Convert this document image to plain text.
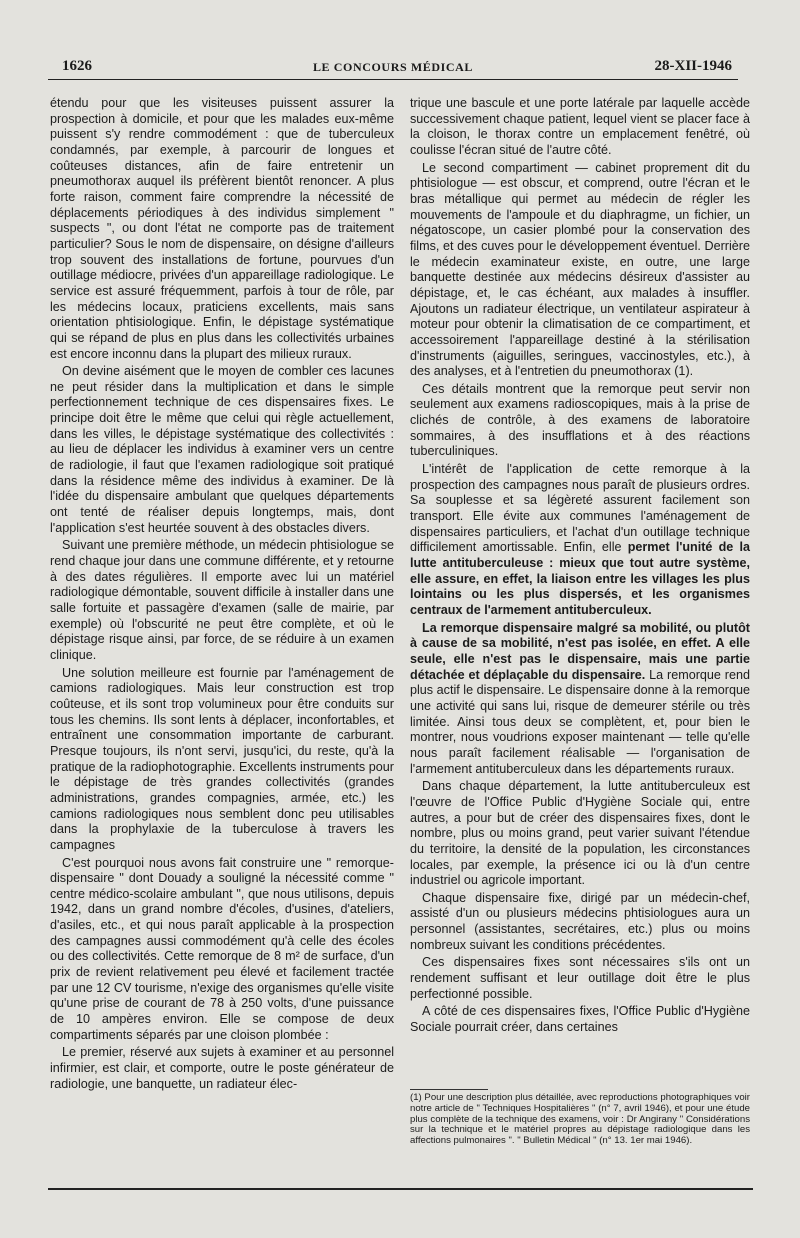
1626	LE CONCOURS MÉDICAL	28-XII-1946

étendu pour que les visiteuses puissent assurer la prospection à domicile, et pour que les malades eux-même puissent s'y rendre commodément : que de tuberculeux condamnés, par exemple, à parcourir de longues et coûteuses distances, afin de faire entretenir un pneumothorax auquel ils préfèrent bientôt renoncer. A plus forte raison, comment faire comprendre la nécessité de déplacements périodiques à des individus simplement " suspects ", ou dont l'état ne comporte pas de traitement particulier? Sous le nom de dispensaire, on désigne d'ailleurs trop souvent des installations de fortune, pourvues d'un outillage médiocre, privées d'un appareillage radiologique. Le service est assuré fréquemment, parfois à tour de rôle, par les médecins locaux, praticiens excellents, mais sans orientation phtisiologique. Enfin, le dépistage systématique qui se répand de plus en plus dans les collectivités urbaines est encore inconnu dans la plupart des milieux ruraux.

On devine aisément que le moyen de combler ces lacunes ne peut résider dans la multiplication et dans le simple perfectionnement technique de ces dispensaires fixes. Le principe doit être le même que celui qui règle actuellement, dans les villes, le dépistage systématique des collectivités : au lieu de déplacer les individus à examiner vers un centre de radiologie, il faut que l'examen radiologique soit pratiqué dans la résidence même des individus à examiner. De là l'idée du dispensaire ambulant que quelques départements ont tenté de réaliser depuis longtemps, mais, dont l'application s'est heurtée souvent à des obstacles divers.

Suivant une première méthode, un médecin phtisiologue se rend chaque jour dans une commune différente, et y retourne à des dates régulières. Il emporte avec lui un matériel radiologique démontable, souvent difficile à installer dans une salle fortuite et passagère d'examen (salle de mairie, par exemple) où l'obscurité ne peut être complète, et où le dépistage risque ainsi, par force, de se réduire à un examen clinique.

Une solution meilleure est fournie par l'aménagement de camions radiologiques. Mais leur construction est trop coûteuse, et ils sont trop volumineux pour être conduits sur tous les chemins. Ils sont lents à déplacer, inconfortables, et entraînent une consommation importante de carburant. Presque toujours, ils n'ont servi, jusqu'ici, du reste, qu'à la pratique de la radiophotographie. Excellents instruments pour le dépistage de très grandes collectivités (grandes administrations, grandes compagnies, armée, etc.) les camions radiologiques nous semblent donc peu utilisables dans la prophylaxie de la tuberculose à travers les campagnes

C'est pourquoi nous avons fait construire une " remorque-dispensaire " dont Douady a souligné la nécessité comme " centre médico-scolaire ambulant ", que nous utilisons, depuis 1942, dans un grand nombre d'écoles, d'usines, d'ateliers, d'asiles, etc., et qui nous paraît applicable à la prospection des campagnes aussi commodément qu'à celle des écoles ou des collectivités. Cette remorque de 8 m² de surface, d'un prix de revient relativement peu élevé et facilement tractée par une 12 CV tourisme, n'exige des organismes qu'elle visite qu'une prise de courant de 78 à 250 volts, d'une puissance de 10 ampères environ. Elle se compose de deux compartiments séparés par une cloison plombée :

Le premier, réservé aux sujets à examiner et au personnel infirmier, est clair, et comporte, outre le poste générateur de radiologie, une banquette, un radiateur élec-

trique une bascule et une porte latérale par laquelle accède successivement chaque patient, lequel vient se placer face à la cloison, le thorax contre un emplacement fenêtré, où coulisse l'écran situé de l'autre côté.

Le second compartiment — cabinet proprement dit du phtisiologue — est obscur, et comprend, outre l'écran et le bras métallique qui permet au médecin de régler les mouvements de l'ampoule et du diaphragme, un fichier, un négatoscope, un casier plombé pour la conservation des films, et des cuves pour le développement éventuel. Derrière le médecin examinateur existe, en outre, une large banquette destinée aux médecins désireux d'assister au dépistage, et, le cas échéant, aux malades à insuffler. Ajoutons un radiateur électrique, un ventilateur aspirateur à moteur pour obtenir la climatisation de ce compartiment, et accessoirement l'appareillage destiné à la stérilisation d'instruments (aiguilles, seringues, vaccinostyles, etc.), à des analyses, et à l'entretien du pneumothorax (1).

Ces détails montrent que la remorque peut servir non seulement aux examens radioscopiques, mais à la prise de clichés de contrôle, à des examens de laboratoire sommaires, à des insufflations et à des réactions tuberculiniques.

L'intérêt de l'application de cette remorque à la prospection des campagnes nous paraît de plusieurs ordres. Sa souplesse et sa légèreté assurent facilement son transport. Elle évite aux communes l'aménagement de dispensaires particuliers, et l'achat d'un outillage technique difficilement amortissable. Enfin, elle permet l'unité de la lutte antituberculeuse : mieux que tout autre système, elle assure, en effet, la liaison entre les villages les plus lointains ou les plus dispersés, et les organismes centraux de l'armement antituberculeux.

La remorque dispensaire malgré sa mobilité, ou plutôt à cause de sa mobilité, n'est pas isolée, en effet. A elle seule, elle n'est pas le dispensaire, mais une partie détachée et déplaçable du dispensaire. La remorque rend plus actif le dispensaire. Le dispensaire donne à la remorque une activité qui sans lui, risque de demeurer stérile ou très limitée. Ainsi tous deux se complètent, et, pour bien le montrer, nous voudrions exposer maintenant — telle qu'elle nous paraît facilement réalisable — l'organisation de l'armement antituberculeux dans les départements ruraux.

Dans chaque département, la lutte antituberculeux est l'œuvre de l'Office Public d'Hygiène Sociale qui, entre autres, a pour but de créer des dispensaires fixes, dont le nombre, plus ou moins grand, peut varier suivant l'étendue du territoire, la densité de la population, les circonstances locales, par exemple, la présence ici ou là d'un centre industriel ou agricole important.

Chaque dispensaire fixe, dirigé par un médecin-chef, assisté d'un ou plusieurs médecins phtisiologues aura un personnel (assistantes, secrétaires, etc.) plus ou moins nombreux suivant les conditions précédentes.

Ces dispensaires fixes sont nécessaires s'ils ont un rendement suffisant et leur outillage doit être le plus perfectionné possible.

A côté de ces dispensaires fixes, l'Office Public d'Hygiène Sociale pourrait créer, dans certaines

(1) Pour une description plus détaillée, avec reproductions photographiques voir notre article de " Techniques Hospitalières " (n° 7, avril 1946), et pour une étude plus complète de la technique des examens, voir : Dr Angirany " Considérations sur la technique et le matériel propres au dépistage radiologique dans les affections pulmonaires ". " Bulletin Médical " (n° 13. 1er mai 1946).
